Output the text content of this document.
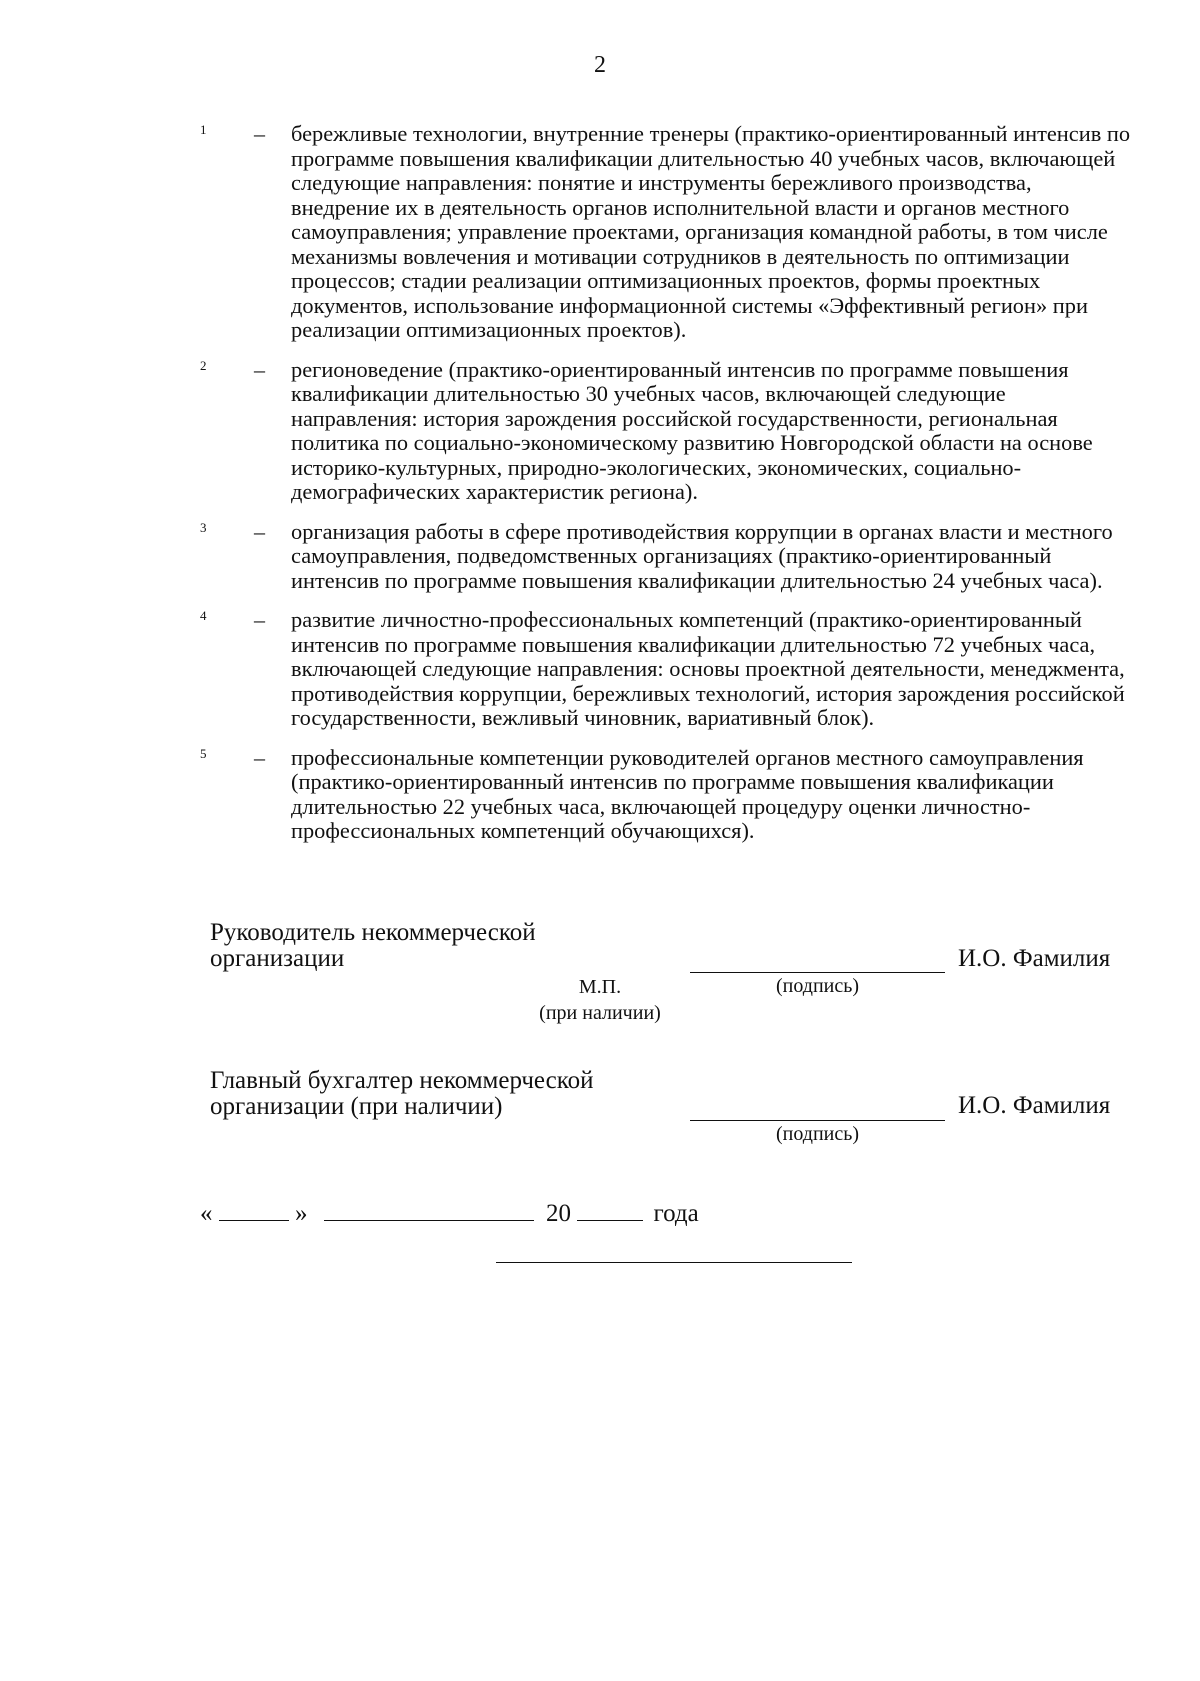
2
1 – бережливые технологии, внутренние тренеры (практико-ориентированный интенсив по программе повышения квалификации длительностью 40 учебных часов, включающей следующие направления: понятие и инструменты бережливого производства, внедрение их в деятельность органов исполнительной власти и органов местного самоуправления; управление проектами, организация командной работы, в том числе механизмы вовлечения и мотивации сотрудников в деятельность по оптимизации процессов; стадии реализации оптимизационных проектов, формы проектных документов, использование информационной системы «Эффективный регион» при реализации оптимизационных проектов).
2 – регионоведение (практико-ориентированный интенсив по программе повышения квалификации длительностью 30 учебных часов, включающей следующие направления: история зарождения российской государственности, региональная политика по социально-экономическому развитию Новгородской области на основе историко-культурных, природно-экологических, экономических, социально-демографических характеристик региона).
3 – организация работы в сфере противодействия коррупции в органах власти и местного самоуправления, подведомственных организациях (практико-ориентированный интенсив по программе повышения квалификации длительностью 24 учебных часа).
4 – развитие личностно-профессиональных компетенций (практико-ориентированный интенсив по программе повышения квалификации длительностью 72 учебных часа, включающей следующие направления: основы проектной деятельности, менеджмента, противодействия коррупции, бережливых технологий, история зарождения российской государственности, вежливый чиновник, вариативный блок).
5 – профессиональные компетенции руководителей органов местного самоуправления (практико-ориентированный интенсив по программе повышения квалификации длительностью 22 учебных часа, включающей процедуру оценки личностно-профессиональных компетенций обучающихся).
Руководитель некоммерческой
организации	И.О. Фамилия
М.П.
(при наличии)
(подпись)
Главный бухгалтер некоммерческой
организации (при наличии)	И.О. Фамилия
(подпись)
«	»	20	года
